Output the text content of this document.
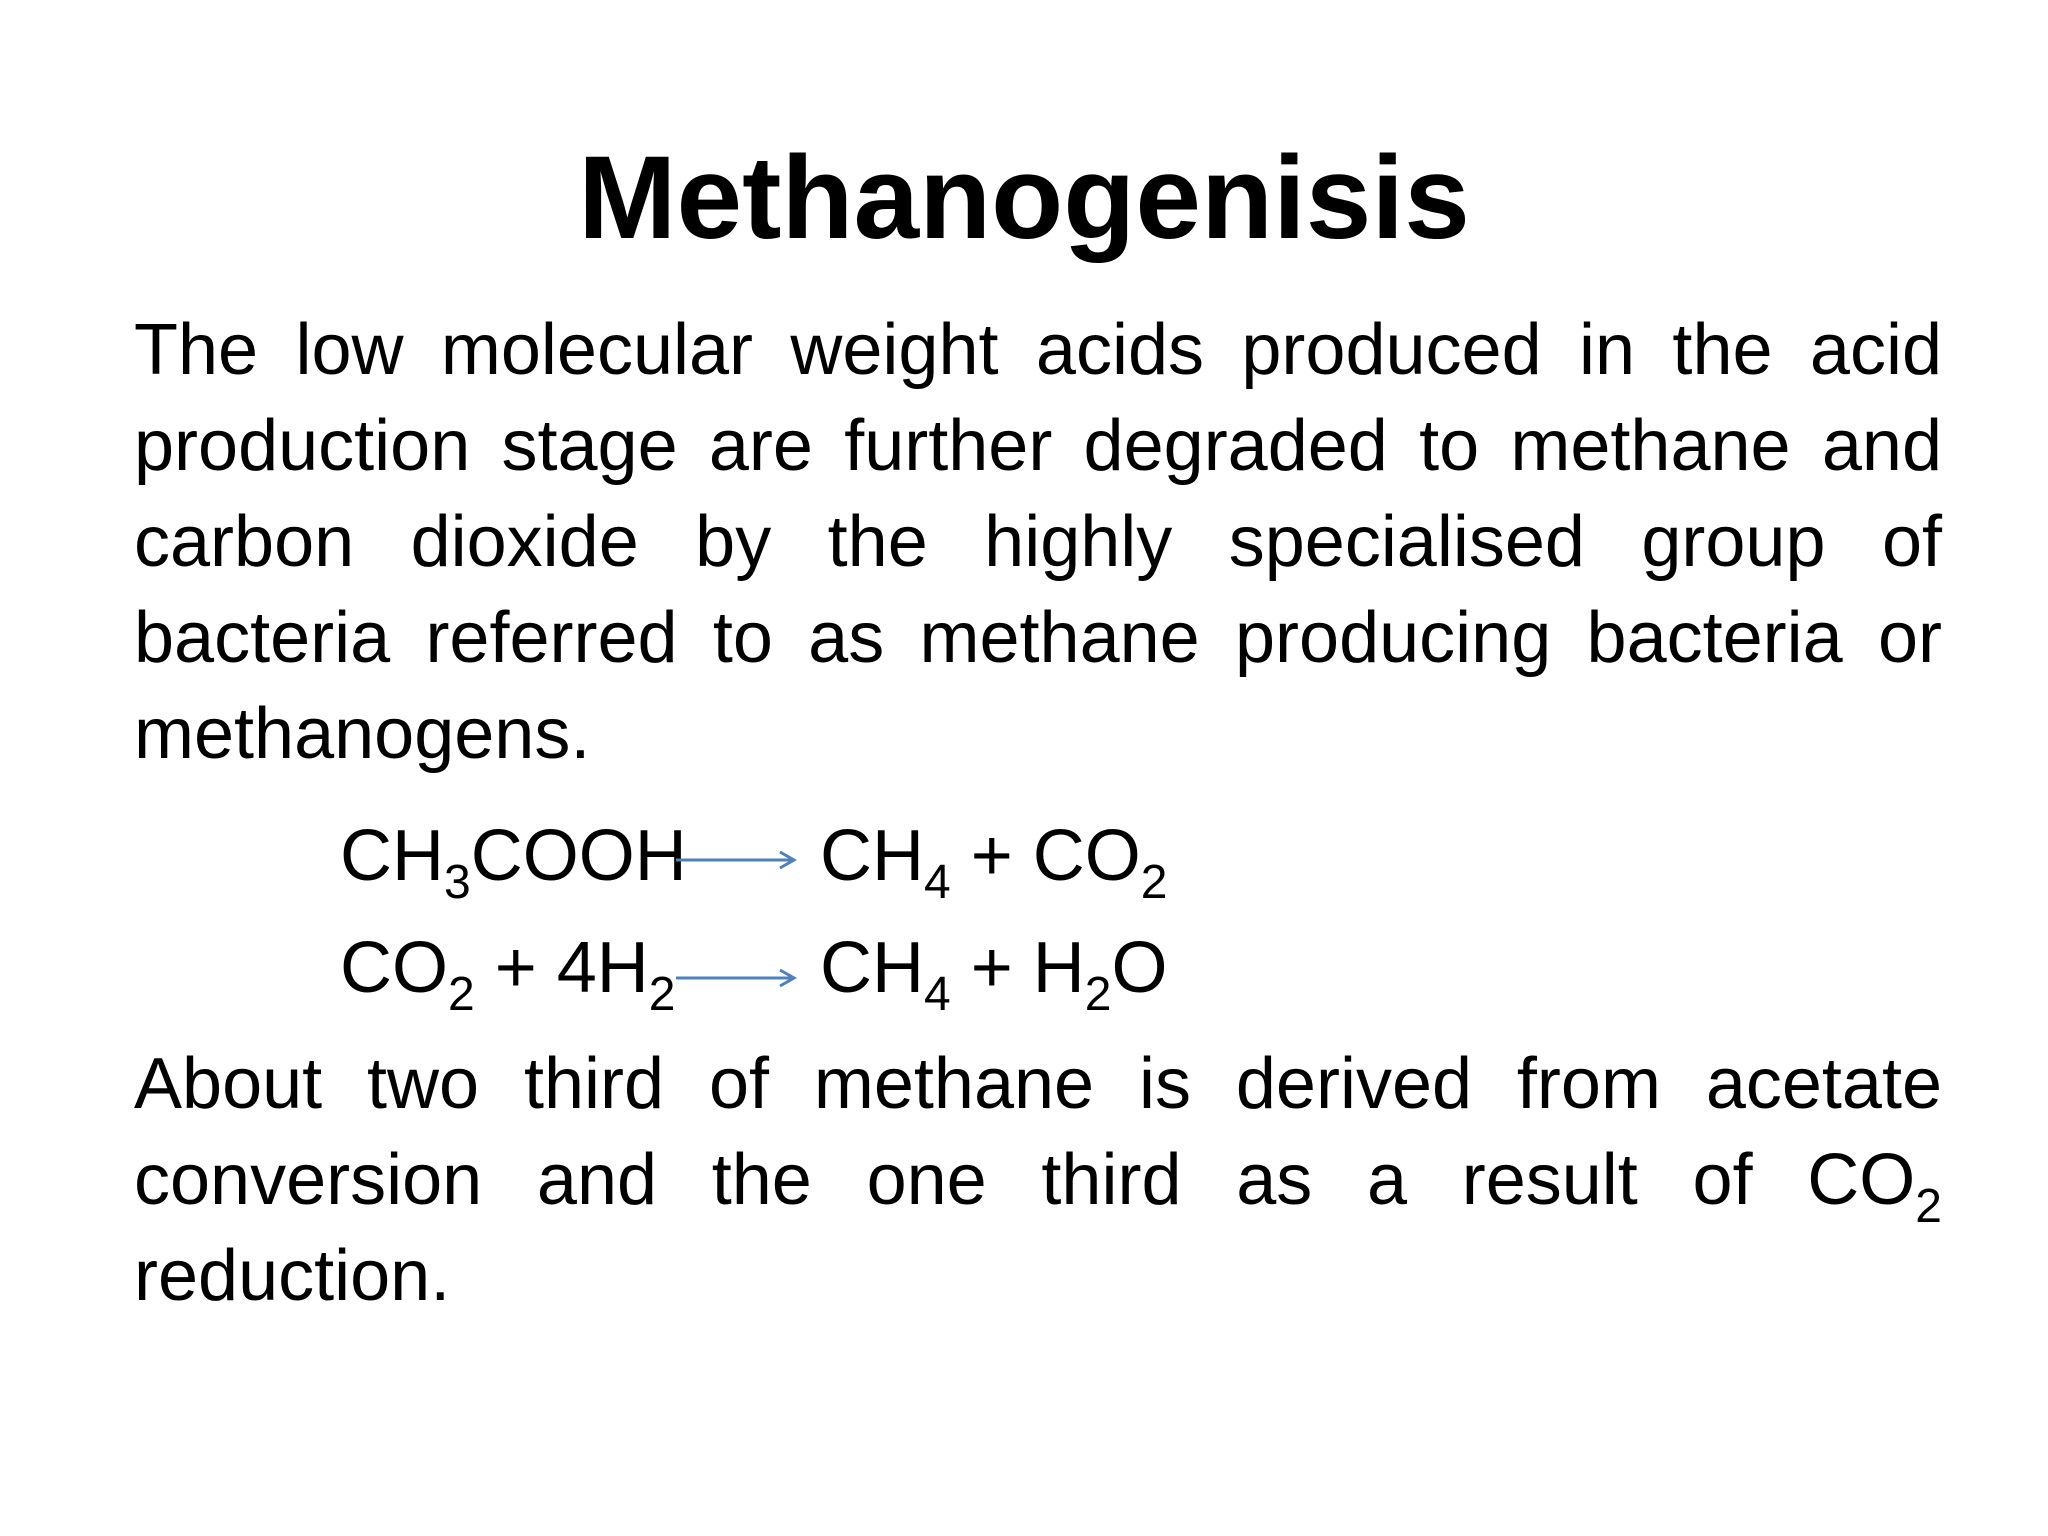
Methanogenisis
The low molecular weight acids produced in the acid production stage are further degraded to methane and carbon dioxide by the highly specialised group of bacteria referred to as methane producing bacteria or methanogens.
$CH_3COOH \to CH_4 + CO_2$
$CO_2 + 4H_2 \to CH_4 + H_2O$
About two third of methane is derived from acetate conversion and the one third as a result of $CO_2$ reduction.
